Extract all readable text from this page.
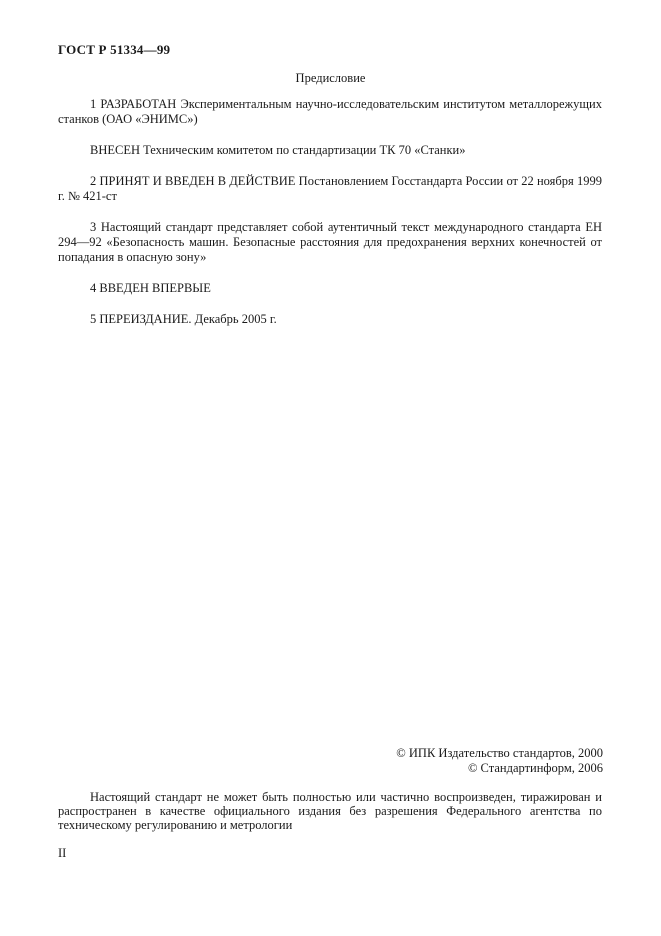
ГОСТ Р 51334—99
Предисловие

1 РАЗРАБОТАН Экспериментальным научно-исследовательским институтом металлорежущих станков (ОАО «ЭНИМС»)

ВНЕСЕН Техническим комитетом по стандартизации ТК 70 «Станки»

2 ПРИНЯТ И ВВЕДЕН В ДЕЙСТВИЕ Постановлением Госстандарта России от 22 ноября 1999 г. № 421-ст

3 Настоящий стандарт представляет собой аутентичный текст международного стандарта ЕН 294—92 «Безопасность машин. Безопасные расстояния для предохранения верхних конечностей от попадания в опасную зону»

4 ВВЕДЕН ВПЕРВЫЕ

5 ПЕРЕИЗДАНИЕ. Декабрь 2005 г.

© ИПК Издательство стандартов, 2000
© Стандартинформ, 2006
Настоящий стандарт не может быть полностью или частично воспроизведен, тиражирован и распространен в качестве официального издания без разрешения Федерального агентства по техническому регулированию и метрологии
II
